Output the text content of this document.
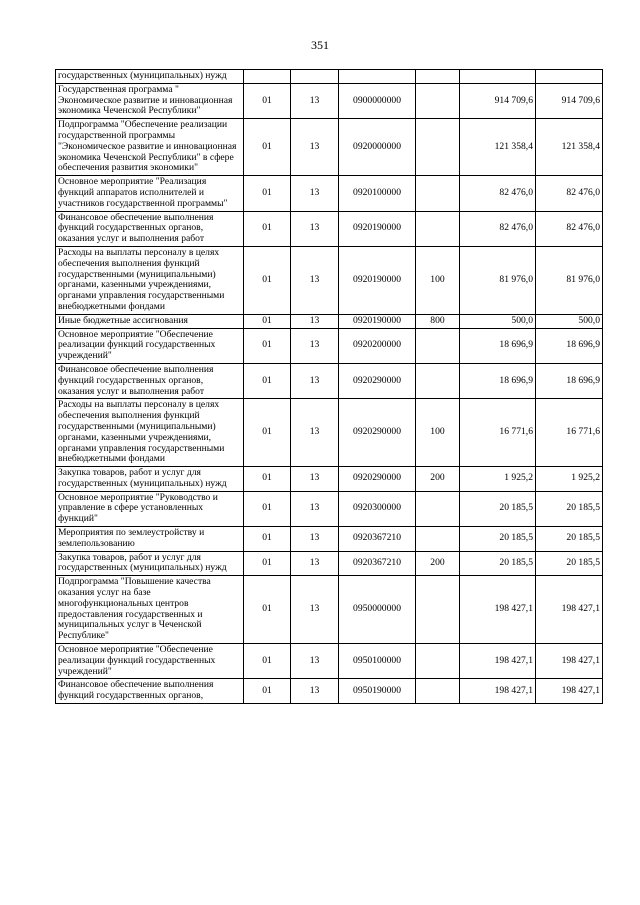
351
государственных (муниципальных) нужд						
Государственная программа " Экономическое развитие и инновационная экономика Чеченской Республики"	01	13	0900000000		914 709,6	914 709,6
Подпрограмма "Обеспечение реализации государственной программы "Экономическое развитие и инновационная экономика Чеченской Республики" в сфере обеспечения развития экономики"	01	13	0920000000		121 358,4	121 358,4
Основное мероприятие "Реализация функций аппаратов исполнителей и участников государственной программы"	01	13	0920100000		82 476,0	82 476,0
Финансовое обеспечение выполнения функций государственных органов, оказания услуг и выполнения работ	01	13	0920190000		82 476,0	82 476,0
Расходы на выплаты персоналу в целях обеспечения выполнения функций государственными (муниципальными) органами, казенными учреждениями, органами управления государственными внебюджетными фондами	01	13	0920190000	100	81 976,0	81 976,0
Иные бюджетные ассигнования	01	13	0920190000	800	500,0	500,0
Основное мероприятие "Обеспечение реализации функций государственных учреждений"	01	13	0920200000		18 696,9	18 696,9
Финансовое обеспечение выполнения функций государственных органов, оказания услуг и выполнения работ	01	13	0920290000		18 696,9	18 696,9
Расходы на выплаты персоналу в целях обеспечения выполнения функций государственными (муниципальными) органами, казенными учреждениями, органами управления государственными внебюджетными фондами	01	13	0920290000	100	16 771,6	16 771,6
Закупка товаров, работ и услуг для государственных (муниципальных) нужд	01	13	0920290000	200	1 925,2	1 925,2
Основное мероприятие "Руководство и управление в сфере установленных функций"	01	13	0920300000		20 185,5	20 185,5
Мероприятия по землеустройству и землепользованию	01	13	0920367210		20 185,5	20 185,5
Закупка товаров, работ и услуг для государственных (муниципальных) нужд	01	13	0920367210	200	20 185,5	20 185,5
Подпрограмма "Повышение качества оказания услуг на базе многофункциональных центров предоставления государственных и муниципальных услуг в Чеченской Республике"	01	13	0950000000		198 427,1	198 427,1
Основное мероприятие "Обеспечение реализации функций государственных учреждений"	01	13	0950100000		198 427,1	198 427,1
Финансовое обеспечение выполнения функций государственных органов,	01	13	0950190000		198 427,1	198 427,1
